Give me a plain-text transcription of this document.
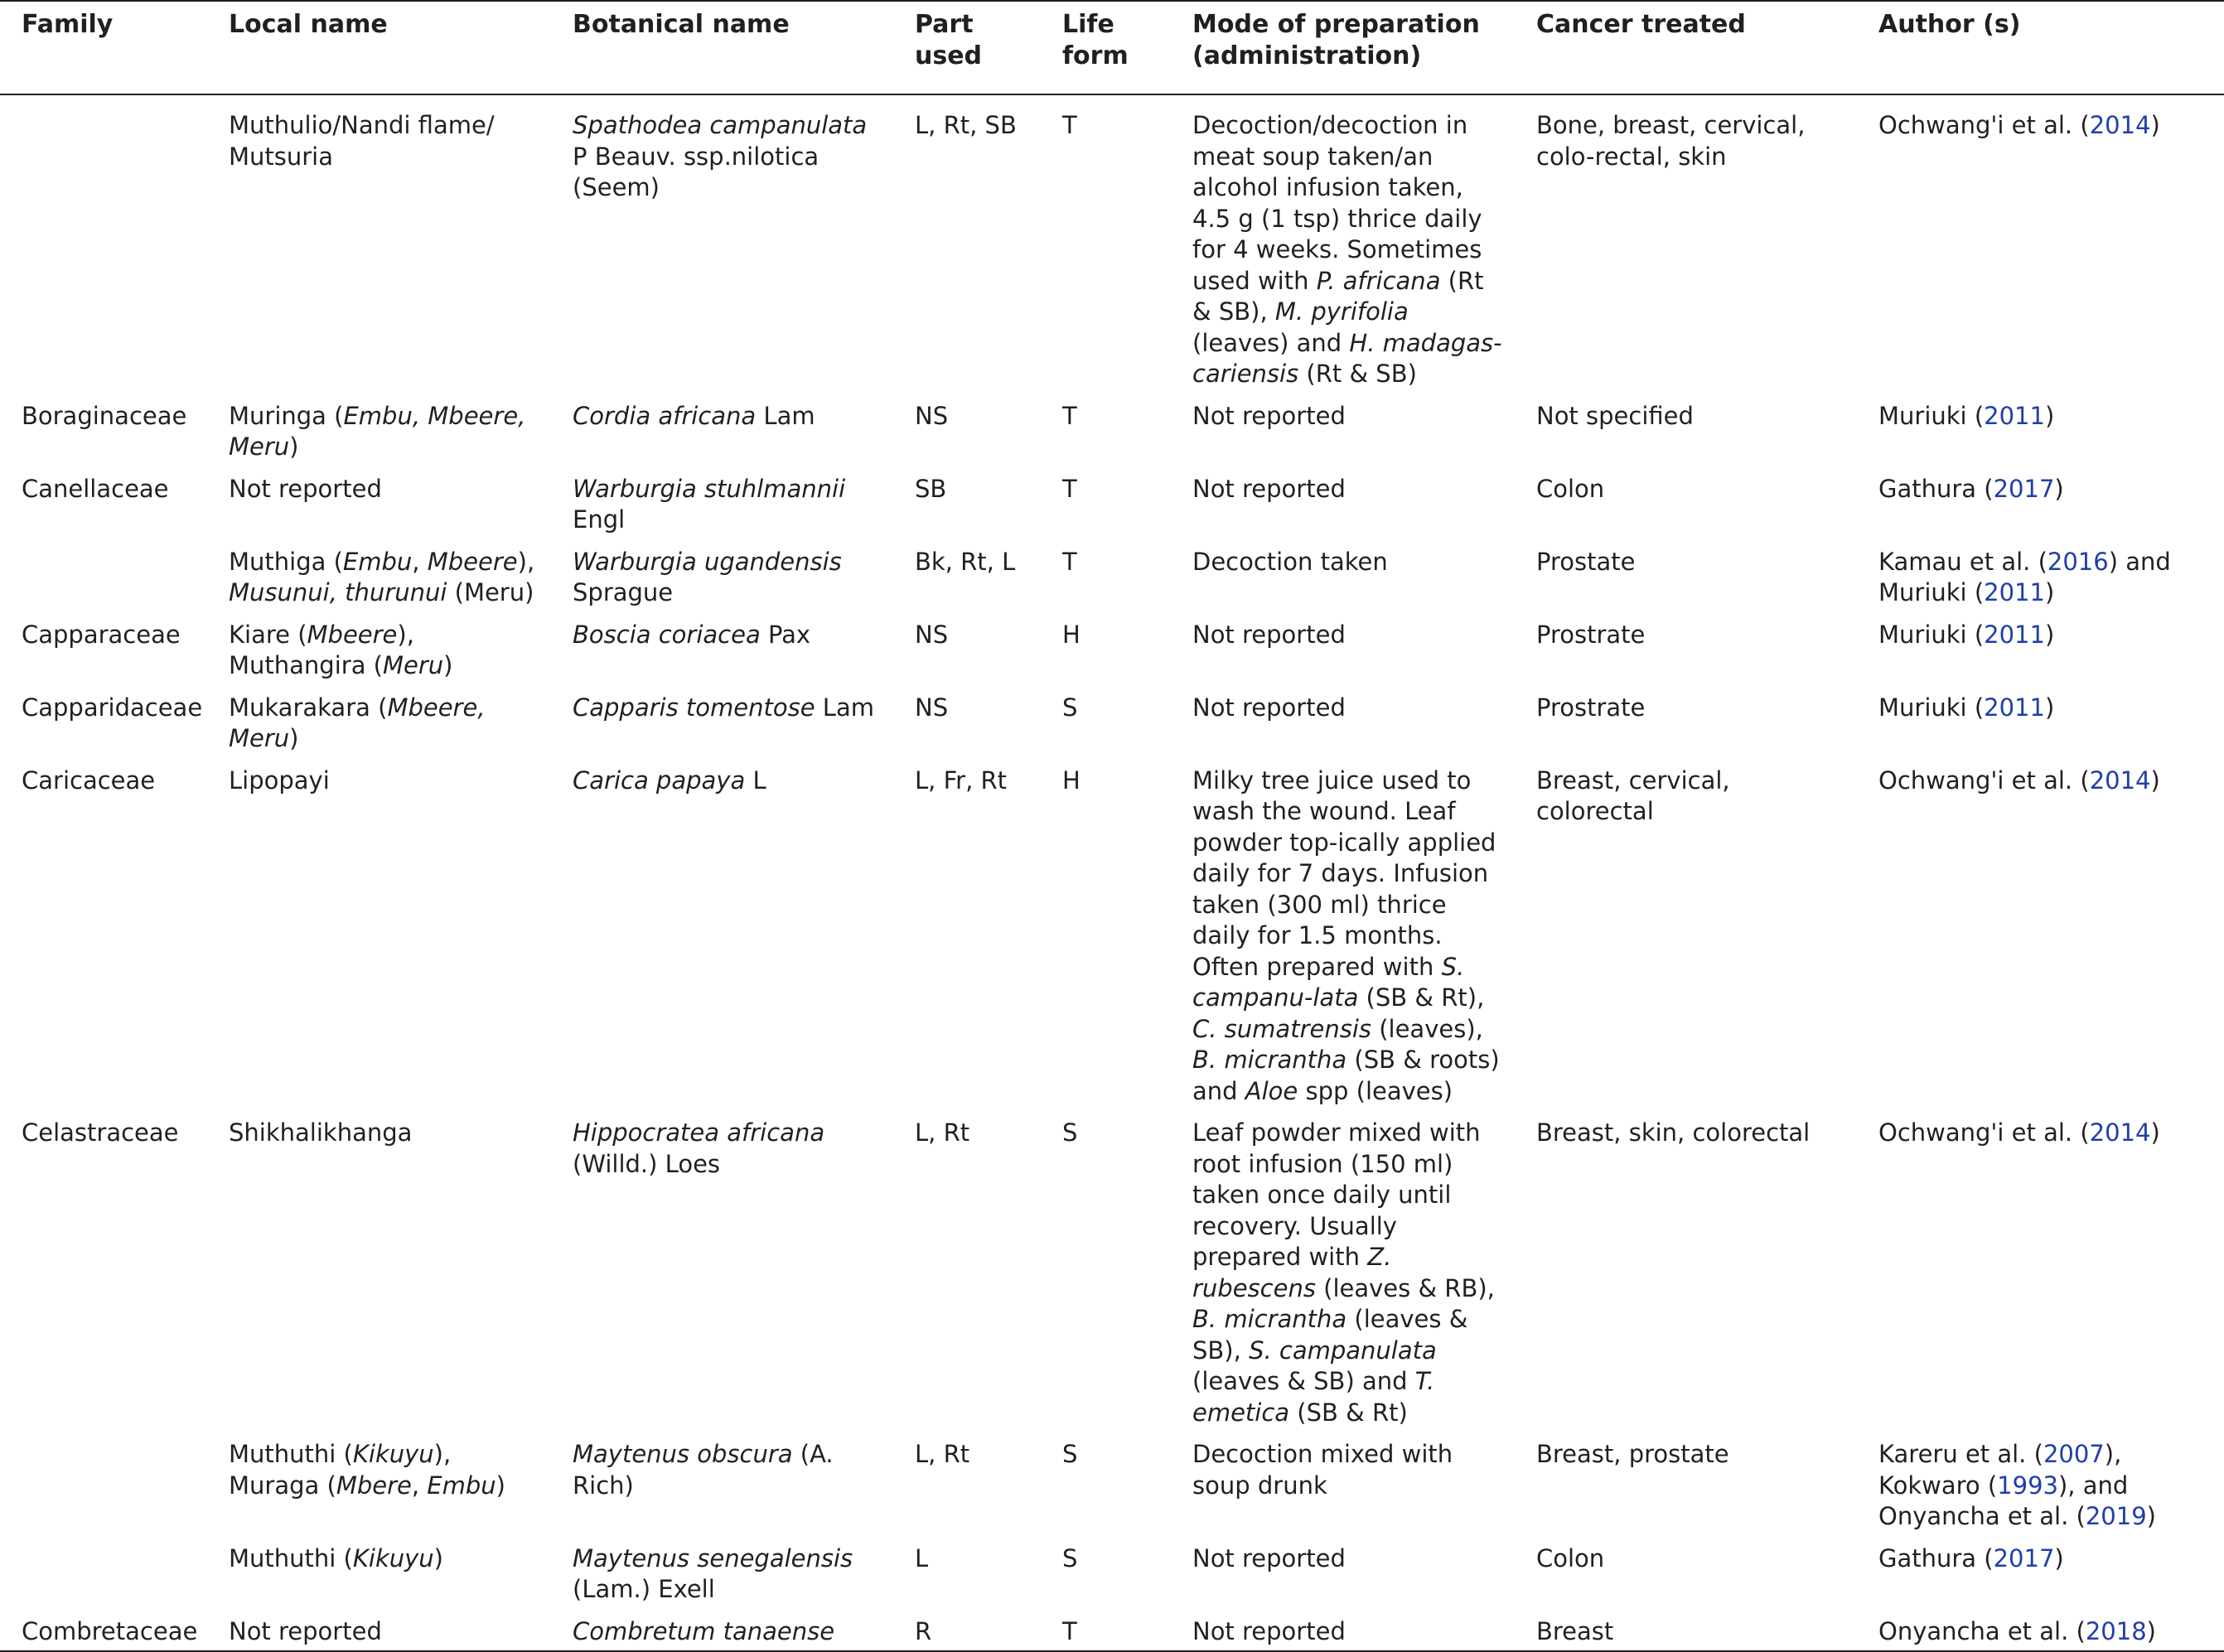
Family	Local name	Botanical name	Part used	Life form	Mode of preparation (administration)	Cancer treated	Author (s)
	Muthulio/Nandi flame/ Mutsuria	Spathodea campanulata P Beauv. ssp.nilotica (Seem)	L, Rt, SB	T	Decoction/decoction in meat soup taken/an alcohol infusion taken, 4.5 g (1 tsp) thrice daily for 4 weeks. Sometimes used with P. africana (Rt & SB), M. pyrifolia (leaves) and H. madagas-cariensis (Rt & SB)	Bone, breast, cervical, colo-rectal, skin	Ochwang'i et al. (2014)
Boraginaceae	Muringa (Embu, Mbeere, Meru)	Cordia africana Lam	NS	T	Not reported	Not specified	Muriuki (2011)
Canellaceae	Not reported	Warburgia stuhlmannii Engl	SB	T	Not reported	Colon	Gathura (2017)
	Muthiga (Embu, Mbeere), Musunui, thurunui (Meru)	Warburgia ugandensis Sprague	Bk, Rt, L	T	Decoction taken	Prostate	Kamau et al. (2016) and Muriuki (2011)
Capparaceae	Kiare (Mbeere), Muthangira (Meru)	Boscia coriacea Pax	NS	H	Not reported	Prostrate	Muriuki (2011)
Capparidaceae	Mukarakara (Mbeere, Meru)	Capparis tomentose Lam	NS	S	Not reported	Prostrate	Muriuki (2011)
Caricaceae	Lipopayi	Carica papaya L	L, Fr, Rt	H	Milky tree juice used to wash the wound. Leaf powder top-ically applied daily for 7 days. Infusion taken (300 ml) thrice daily for 1.5 months. Often prepared with S. campanu-lata (SB & Rt), C. sumatrensis (leaves), B. micrantha (SB & roots) and Aloe spp (leaves)	Breast, cervical, colorectal	Ochwang'i et al. (2014)
Celastraceae	Shikhalikhanga	Hippocratea africana (Willd.) Loes	L, Rt	S	Leaf powder mixed with root infusion (150 ml) taken once daily until recovery. Usually prepared with Z. rubescens (leaves & RB), B. micrantha (leaves & SB), S. campanulata (leaves & SB) and T. emetica (SB & Rt)	Breast, skin, colorectal	Ochwang'i et al. (2014)
	Muthuthi (Kikuyu), Muraga (Mbere, Embu)	Maytenus obscura (A. Rich)	L, Rt	S	Decoction mixed with soup drunk	Breast, prostate	Kareru et al. (2007), Kokwaro (1993), and Onyancha et al. (2019)
	Muthuthi (Kikuyu)	Maytenus senegalensis (Lam.) Exell	L	S	Not reported	Colon	Gathura (2017)
Combretaceae	Not reported	Combretum tanaense	R	T	Not reported	Breast	Onyancha et al. (2018)
